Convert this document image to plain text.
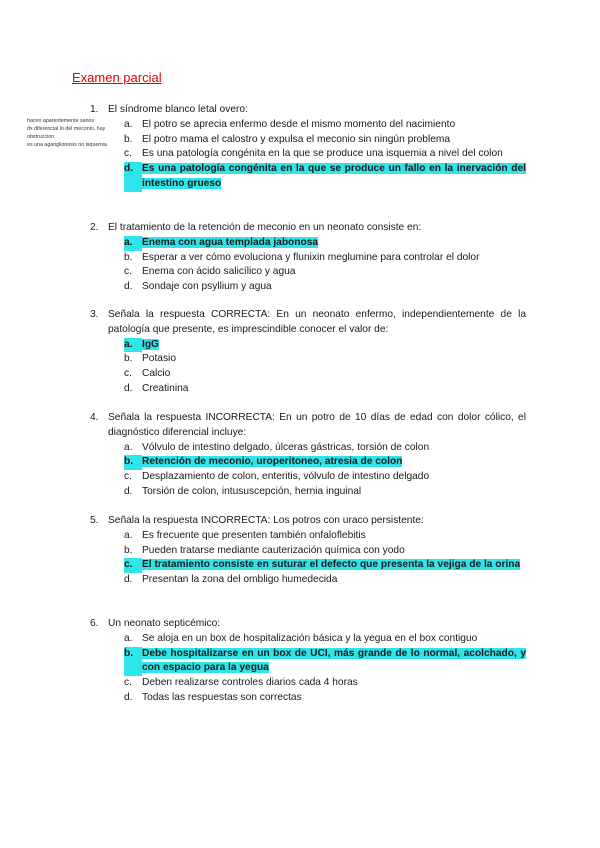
Examen parcial
hacen aparentemente sanos
dx diferencial lo del meconio, hay
obstruccion
es una aganglionosis no isquemia
1. El síndrome blanco letal overo:
a. El potro se aprecia enfermo desde el mismo momento del nacimiento
b. El potro mama el calostro y expulsa el meconio sin ningún problema
c. Es una patología congénita en la que se produce una isquemia a nivel del colon
d. Es una patología congénita en la que se produce un fallo en la inervación del intestino grueso
2. El tratamiento de la retención de meconio en un neonato consiste en:
a. Enema con agua templada jabonosa
b. Esperar a ver cómo evoluciona y flunixin meglumine para controlar el dolor
c. Enema con ácido salicílico y agua
d. Sondaje con psyllium y agua
3. Señala la respuesta CORRECTA: En un neonato enfermo, independientemente de la patología que presente, es imprescindible conocer el valor de:
a. IgG
b. Potasio
c. Calcio
d. Creatinina
4. Señala la respuesta INCORRECTA: En un potro de 10 días de edad con dolor cólico, el diagnóstico diferencial incluye:
a. Vólvulo de intestino delgado, úlceras gástricas, torsión de colon
b. Retención de meconio, uroperitoneo, atresia de colon
c. Desplazamiento de colon, enteritis, vólvulo de intestino delgado
d. Torsión de colon, intususcepción, hernia inguinal
5. Señala la respuesta INCORRECTA: Los potros con uraco persistente:
a. Es frecuente que presenten también onfaloflebitis
b. Pueden tratarse mediante cauterización química con yodo
c. El tratamiento consiste en suturar el defecto que presenta la vejiga de la orina
d. Presentan la zona del ombligo humedecida
6. Un neonato septicémico:
a. Se aloja en un box de hospitalización básica y la yegua en el box contiguo
b. Debe hospitalizarse en un box de UCI, más grande de lo normal, acolchado, y con espacio para la yegua
c. Deben realizarse controles diarios cada 4 horas
d. Todas las respuestas son correctas
